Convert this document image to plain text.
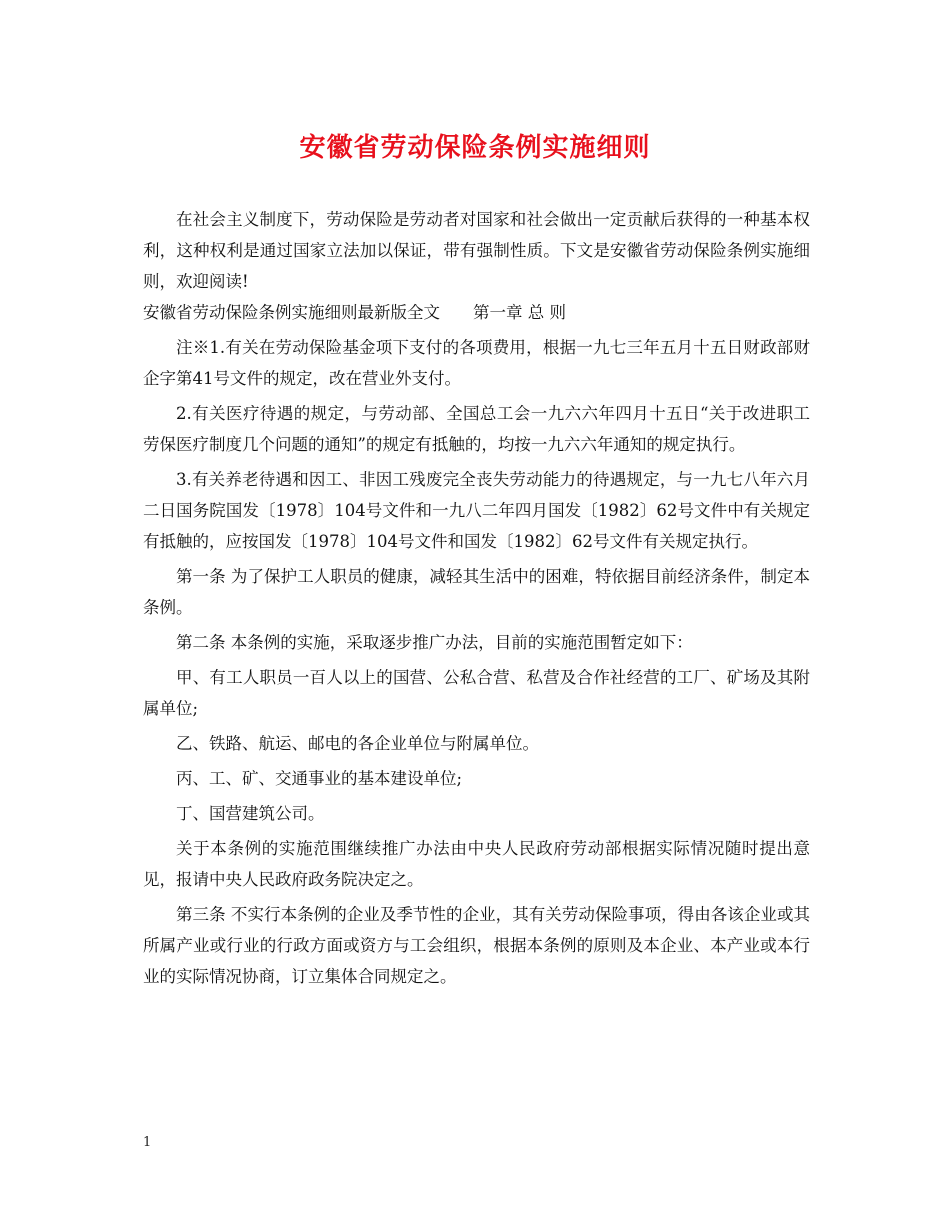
安徽省劳动保险条例实施细则

在社会主义制度下，劳动保险是劳动者对国家和社会做出一定贡献后获得的一种基本权利，这种权利是通过国家立法加以保证，带有强制性质。下文是安徽省劳动保险条例实施细则，欢迎阅读!

安徽省劳动保险条例实施细则最新版全文　　第一章 总 则

注※1.有关在劳动保险基金项下支付的各项费用，根据一九七三年五月十五日财政部财企字第41号文件的规定，改在营业外支付。

2.有关医疗待遇的规定，与劳动部、全国总工会一九六六年四月十五日“关于改进职工劳保医疗制度几个问题的通知”的规定有抵触的，均按一九六六年通知的规定执行。

3.有关养老待遇和因工、非因工残废完全丧失劳动能力的待遇规定，与一九七八年六月二日国务院国发〔1978〕104号文件和一九八二年四月国发〔1982〕62号文件中有关规定有抵触的，应按国发〔1978〕104号文件和国发〔1982〕62号文件有关规定执行。

第一条 为了保护工人职员的健康，减轻其生活中的困难，特依据目前经济条件，制定本条例。

第二条 本条例的实施，采取逐步推广办法，目前的实施范围暂定如下：

甲、有工人职员一百人以上的国营、公私合营、私营及合作社经营的工厂、矿场及其附属单位;

乙、铁路、航运、邮电的各企业单位与附属单位。

丙、工、矿、交通事业的基本建设单位;

丁、国营建筑公司。

关于本条例的实施范围继续推广办法由中央人民政府劳动部根据实际情况随时提出意见，报请中央人民政府政务院决定之。

第三条 不实行本条例的企业及季节性的企业，其有关劳动保险事项，得由各该企业或其所属产业或行业的行政方面或资方与工会组织，根据本条例的原则及本企业、本产业或本行业的实际情况协商，订立集体合同规定之。

1
